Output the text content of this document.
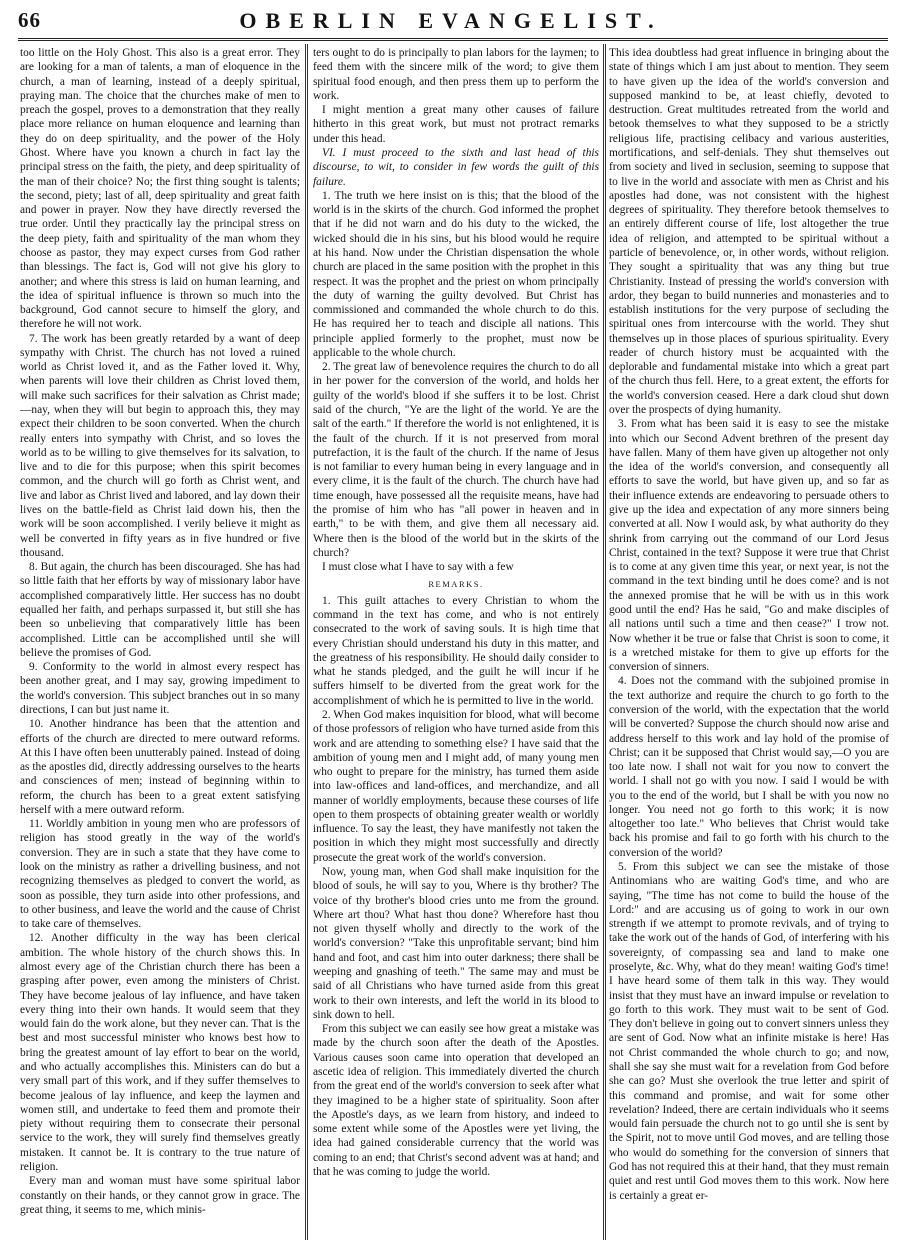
66	OBERLIN EVANGELIST.

too little on the Holy Ghost. This also is a great error. They are looking for a man of talents, a man of eloquence in the church, a man of learning, instead of a deeply spiritual, praying man. The choice that the churches make of men to preach the gospel, proves to a demonstration that they really place more reliance on human eloquence and learning than they do on deep spirituality, and the power of the Holy Ghost. Where have you known a church in fact lay the principal stress on the faith, the piety, and deep spirituality of the man of their choice? No; the first thing sought is talents; the second, piety; last of all, deep spirituality and great faith and power in prayer. Now they have directly reversed the true order. Until they practically lay the principal stress on the deep piety, faith and spirituality of the man whom they choose as pastor, they may expect curses from God rather than blessings. The fact is, God will not give his glory to another; and where this stress is laid on human learning, and the idea of spiritual influence is thrown so much into the background, God cannot secure to himself the glory, and therefore he will not work.

7. The work has been greatly retarded by a want of deep sympathy with Christ. The church has not loved a ruined world as Christ loved it, and as the Father loved it. Why, when parents will love their children as Christ loved them, will make such sacrifices for their salvation as Christ made;—nay, when they will but begin to approach this, they may expect their children to be soon converted. When the church really enters into sympathy with Christ, and so loves the world as to be willing to give themselves for its salvation, to live and to die for this purpose; when this spirit becomes common, and the church will go forth as Christ went, and live and labor as Christ lived and labored, and lay down their lives on the battle-field as Christ laid down his, then the work will be soon accomplished. I verily believe it might as well be converted in fifty years as in five hundred or five thousand.

8. But again, the church has been discouraged. She has had so little faith that her efforts by way of missionary labor have accomplished comparatively little. Her success has no doubt equalled her faith, and perhaps surpassed it, but still she has been so unbelieving that comparatively little has been accomplished. Little can be accomplished until she will believe the promises of God.

9. Conformity to the world in almost every respect has been another great, and I may say, growing impediment to the world's conversion. This subject branches out in so many directions, I can but just name it.

10. Another hindrance has been that the attention and efforts of the church are directed to mere outward reforms. At this I have often been unutterably pained. Instead of doing as the apostles did, directly addressing ourselves to the hearts and consciences of men; instead of beginning within to reform, the church has been to a great extent satisfying herself with a mere outward reform.

11. Worldly ambition in young men who are professors of religion has stood greatly in the way of the world's conversion. They are in such a state that they have come to look on the ministry as rather a drivelling business, and not recognizing themselves as pledged to convert the world, as soon as possible, they turn aside into other professions, and to other business, and leave the world and the cause of Christ to take care of themselves.

12. Another difficulty in the way has been clerical ambition. The whole history of the church shows this. In almost every age of the Christian church there has been a grasping after power, even among the ministers of Christ. They have become jealous of lay influence, and have taken every thing into their own hands. It would seem that they would fain do the work alone, but they never can. That is the best and most successful minister who knows best how to bring the greatest amount of lay effort to bear on the world, and who actually accomplishes this. Ministers can do but a very small part of this work, and if they suffer themselves to become jealous of lay influence, and keep the laymen and women still, and undertake to feed them and promote their piety without requiring them to consecrate their personal service to the work, they will surely find themselves greatly mistaken. It cannot be. It is contrary to the true nature of religion.

Every man and woman must have some spiritual labor constantly on their hands, or they cannot grow in grace. The great thing, it seems to me, which minis-

ters ought to do is principally to plan labors for the laymen; to feed them with the sincere milk of the word; to give them spiritual food enough, and then press them up to perform the work.

I might mention a great many other causes of failure hitherto in this great work, but must not protract remarks under this head.

VI. I must proceed to the sixth and last head of this discourse, to wit, to consider in few words the guilt of this failure.

1. The truth we here insist on is this; that the blood of the world is in the skirts of the church. God informed the prophet that if he did not warn and do his duty to the wicked, the wicked should die in his sins, but his blood would he require at his hand. Now under the Christian dispensation the whole church are placed in the same position with the prophet in this respect. It was the prophet and the priest on whom principally the duty of warning the guilty devolved. But Christ has commissioned and commanded the whole church to do this. He has required her to teach and disciple all nations. This principle applied formerly to the prophet, must now be applicable to the whole church.

2. The great law of benevolence requires the church to do all in her power for the conversion of the world, and holds her guilty of the world's blood if she suffers it to be lost. Christ said of the church, "Ye are the light of the world. Ye are the salt of the earth." If therefore the world is not enlightened, it is the fault of the church. If it is not preserved from moral putrefaction, it is the fault of the church. If the name of Jesus is not familiar to every human being in every language and in every clime, it is the fault of the church. The church have had time enough, have possessed all the requisite means, have had the promise of him who has "all power in heaven and in earth," to be with them, and give them all necessary aid. Where then is the blood of the world but in the skirts of the church?

I must close what I have to say with a few

REMARKS.

1. This guilt attaches to every Christian to whom the command in the text has come, and who is not entirely consecrated to the work of saving souls. It is high time that every Christian should understand his duty in this matter, and the greatness of his responsibility. He should daily consider to what he stands pledged, and the guilt he will incur if he suffers himself to be diverted from the great work for the accomplishment of which he is permitted to live in the world.

2. When God makes inquisition for blood, what will become of those professors of religion who have turned aside from this work and are attending to something else? I have said that the ambition of young men and I might add, of many young men who ought to prepare for the ministry, has turned them aside into law-offices and land-offices, and merchandize, and all manner of worldly employments, because these courses of life open to them prospects of obtaining greater wealth or worldly influence. To say the least, they have manifestly not taken the position in which they might most successfully and directly prosecute the great work of the world's conversion.

Now, young man, when God shall make inquisition for the blood of souls, he will say to you, Where is thy brother? The voice of thy brother's blood cries unto me from the ground. Where art thou? What hast thou done? Wherefore hast thou not given thyself wholly and directly to the work of the world's conversion? "Take this unprofitable servant; bind him hand and foot, and cast him into outer darkness; there shall be weeping and gnashing of teeth." The same may and must be said of all Christians who have turned aside from this great work to their own interests, and left the world in its blood to sink down to hell.

From this subject we can easily see how great a mistake was made by the church soon after the death of the Apostles. Various causes soon came into operation that developed an ascetic idea of religion. This immediately diverted the church from the great end of the world's conversion to seek after what they imagined to be a higher state of spirituality. Soon after the Apostle's days, as we learn from history, and indeed to some extent while some of the Apostles were yet living, the idea had gained considerable currency that the world was coming to an end; that Christ's second advent was at hand; and that he was coming to judge the world.

This idea doubtless had great influence in bringing about the state of things which I am just about to mention. They seem to have given up the idea of the world's conversion and supposed mankind to be, at least chiefly, devoted to destruction. Great multitudes retreated from the world and betook themselves to what they supposed to be a strictly religious life, practising celibacy and various austerities, mortifications, and self-denials. They shut themselves out from society and lived in seclusion, seeming to suppose that to live in the world and associate with men as Christ and his apostles had done, was not consistent with the highest degrees of spirituality. They therefore betook themselves to an entirely different course of life, lost altogether the true idea of religion, and attempted to be spiritual without a particle of benevolence, or, in other words, without religion. They sought a spirituality that was any thing but true Christianity. Instead of pressing the world's conversion with ardor, they began to build nunneries and monasteries and to establish institutions for the very purpose of secluding the spiritual ones from intercourse with the world. They shut themselves up in those places of spurious spirituality. Every reader of church history must be acquainted with the deplorable and fundamental mistake into which a great part of the church thus fell. Here, to a great extent, the efforts for the world's conversion ceased. Here a dark cloud shut down over the prospects of dying humanity.

3. From what has been said it is easy to see the mistake into which our Second Advent brethren of the present day have fallen. Many of them have given up altogether not only the idea of the world's conversion, and consequently all efforts to save the world, but have given up, and so far as their influence extends are endeavoring to persuade others to give up the idea and expectation of any more sinners being converted at all. Now I would ask, by what authority do they shrink from carrying out the command of our Lord Jesus Christ, contained in the text? Suppose it were true that Christ is to come at any given time this year, or next year, is not the command in the text binding until he does come? and is not the annexed promise that he will be with us in this work good until the end? Has he said, "Go and make disciples of all nations until such a time and then cease?" I trow not. Now whether it be true or false that Christ is soon to come, it is a wretched mistake for them to give up efforts for the conversion of sinners.

4. Does not the command with the subjoined promise in the text authorize and require the church to go forth to the conversion of the world, with the expectation that the world will be converted? Suppose the church should now arise and address herself to this work and lay hold of the promise of Christ; can it be supposed that Christ would say,—O you are too late now. I shall not wait for you now to convert the world. I shall not go with you now. I said I would be with you to the end of the world, but I shall be with you now no longer. You need not go forth to this work; it is now altogether too late." Who believes that Christ would take back his promise and fail to go forth with his church to the conversion of the world?

5. From this subject we can see the mistake of those Antinomians who are waiting God's time, and who are saying, "The time has not come to build the house of the Lord:" and are accusing us of going to work in our own strength if we attempt to promote revivals, and of trying to take the work out of the hands of God, of interfering with his sovereignty, of compassing sea and land to make one proselyte, &c. Why, what do they mean! waiting God's time! I have heard some of them talk in this way. They would insist that they must have an inward impulse or revelation to go forth to this work. They must wait to be sent of God. They don't believe in going out to convert sinners unless they are sent of God. Now what an infinite mistake is here! Has not Christ commanded the whole church to go; and now, shall she say she must wait for a revelation from God before she can go? Must she overlook the true letter and spirit of this command and promise, and wait for some other revelation? Indeed, there are certain individuals who it seems would fain persuade the church not to go until she is sent by the Spirit, not to move until God moves, and are telling those who would do something for the conversion of sinners that God has not required this at their hand, that they must remain quiet and rest until God moves them to this work. Now here is certainly a great er-
